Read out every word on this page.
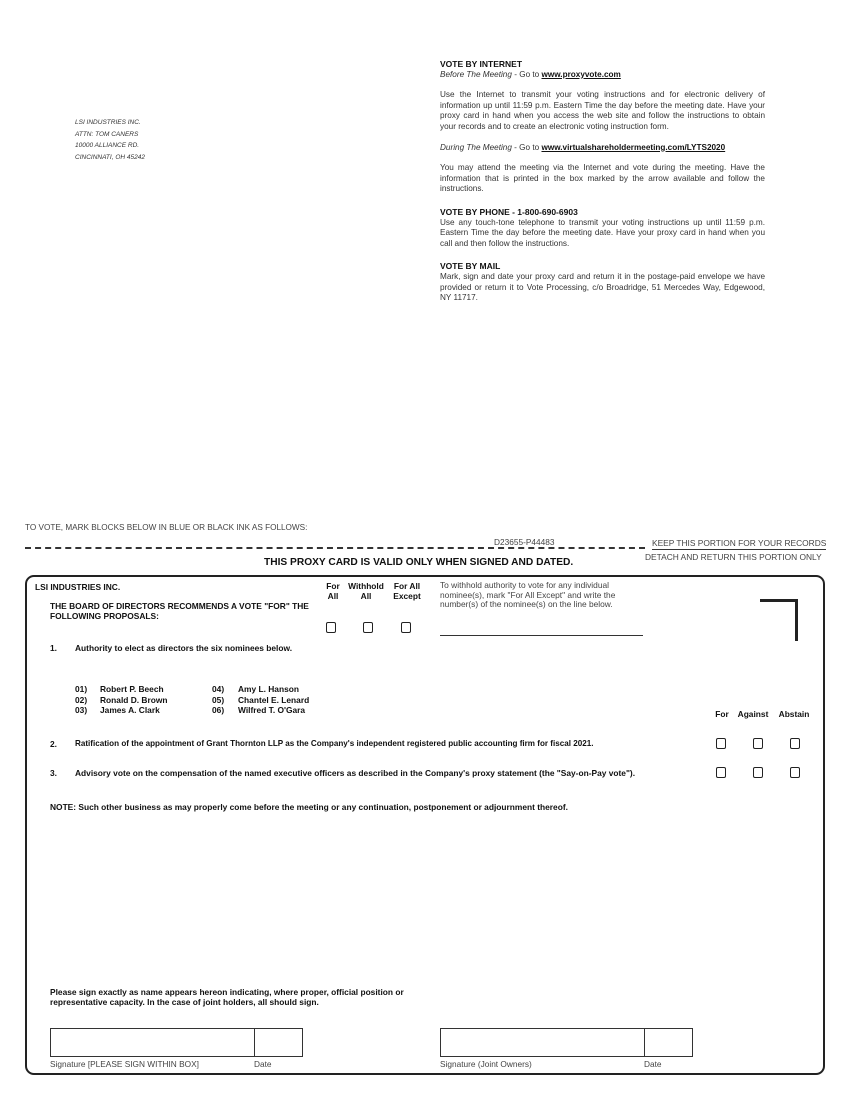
LSI INDUSTRIES INC.
ATTN: TOM CANERS
10000 ALLIANCE RD.
CINCINNATI, OH 45242
VOTE BY INTERNET

Before The Meeting - Go to www.proxyvote.com

Use the Internet to transmit your voting instructions and for electronic delivery of information up until 11:59 p.m. Eastern Time the day before the meeting date. Have your proxy card in hand when you access the web site and follow the instructions to obtain your records and to create an electronic voting instruction form.

During The Meeting - Go to www.virtualshareholdermeeting.com/LYTS2020

You may attend the meeting via the Internet and vote during the meeting. Have the information that is printed in the box marked by the arrow available and follow the instructions.

VOTE BY PHONE - 1-800-690-6903

Use any touch-tone telephone to transmit your voting instructions up until 11:59 p.m. Eastern Time the day before the meeting date. Have your proxy card in hand when you call and then follow the instructions.

VOTE BY MAIL

Mark, sign and date your proxy card and return it in the postage-paid envelope we have provided or return it to Vote Processing, c/o Broadridge, 51 Mercedes Way, Edgewood, NY 11717.

TO VOTE, MARK BLOCKS BELOW IN BLUE OR BLACK INK AS FOLLOWS:
D23655-P44483	KEEP THIS PORTION FOR YOUR RECORDS
DETACH AND RETURN THIS PORTION ONLY
THIS PROXY CARD IS VALID ONLY WHEN SIGNED AND DATED.
LSI INDUSTRIES INC.
THE BOARD OF DIRECTORS RECOMMENDS A VOTE "FOR" THE FOLLOWING PROPOSALS:
For
All
Withhold
All
For All
Except
To withhold authority to vote for any individual nominee(s), mark "For All Except" and write the number(s) of the nominee(s) on the line below.
1. Authority to elect as directors the six nominees below.
01) Robert P. Beech
02) Ronald D. Brown
03) James A. Clark
04) Amy L. Hanson
05) Chantel E. Lenard
06) Wilfred T. O'Gara	For	Against	Abstain
2. Ratification of the appointment of Grant Thornton LLP as the Company's independent registered public accounting firm for fiscal 2021.
3. Advisory vote on the compensation of the named executive officers as described in the Company's proxy statement (the "Say-on-Pay vote").
NOTE: Such other business as may properly come before the meeting or any continuation, postponement or adjournment thereof.
Please sign exactly as name appears hereon indicating, where proper, official position or representative capacity. In the case of joint holders, all should sign.
Signature [PLEASE SIGN WITHIN BOX]	Date	Signature (Joint Owners)	Date
